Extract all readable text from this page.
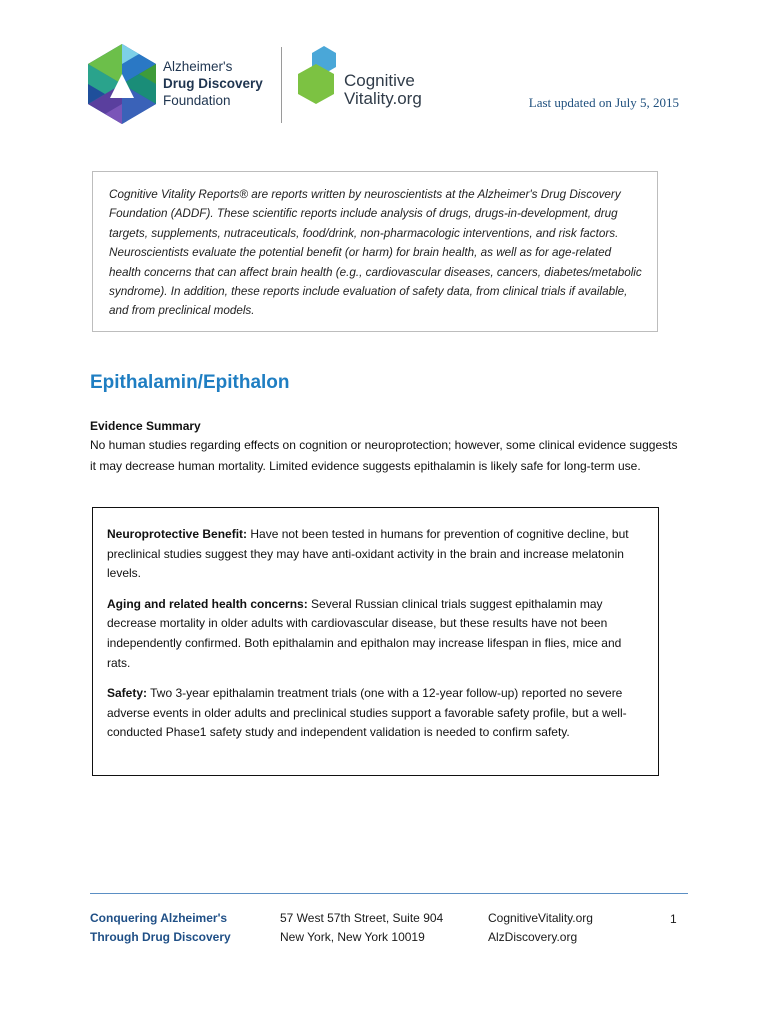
Alzheimer's
Drug Discovery
Foundation
Cognitive
Vitality.org	Last updated on July 5, 2015

Cognitive Vitality Reports® are reports written by neuroscientists at the Alzheimer's Drug Discovery Foundation (ADDF). These scientific reports include analysis of drugs, drugs-in-development, drug targets, supplements, nutraceuticals, food/drink, non-pharmacologic interventions, and risk factors. Neuroscientists evaluate the potential benefit (or harm) for brain health, as well as for age-related health concerns that can affect brain health (e.g., cardiovascular diseases, cancers, diabetes/metabolic syndrome). In addition, these reports include evaluation of safety data, from clinical trials if available, and from preclinical models.

Epithalamin/Epithalon
Evidence Summary

No human studies regarding effects on cognition or neuroprotection; however, some clinical evidence suggests it may decrease human mortality. Limited evidence suggests epithalamin is likely safe for long-term use.

Neuroprotective Benefit: Have not been tested in humans for prevention of cognitive decline, but preclinical studies suggest they may have anti-oxidant activity in the brain and increase melatonin levels.

Aging and related health concerns: Several Russian clinical trials suggest epithalamin may decrease mortality in older adults with cardiovascular disease, but these results have not been independently confirmed. Both epithalamin and epithalon may increase lifespan in flies, mice and rats.

Safety: Two 3-year epithalamin treatment trials (one with a 12-year follow-up) reported no severe adverse events in older adults and preclinical studies support a favorable safety profile, but a well-conducted Phase1 safety study and independent validation is needed to confirm safety.

Conquering Alzheimer's
Through Drug Discovery
57 West 57th Street, Suite 904
New York, New York 10019
CognitiveVitality.org
AlzDiscovery.org
1
